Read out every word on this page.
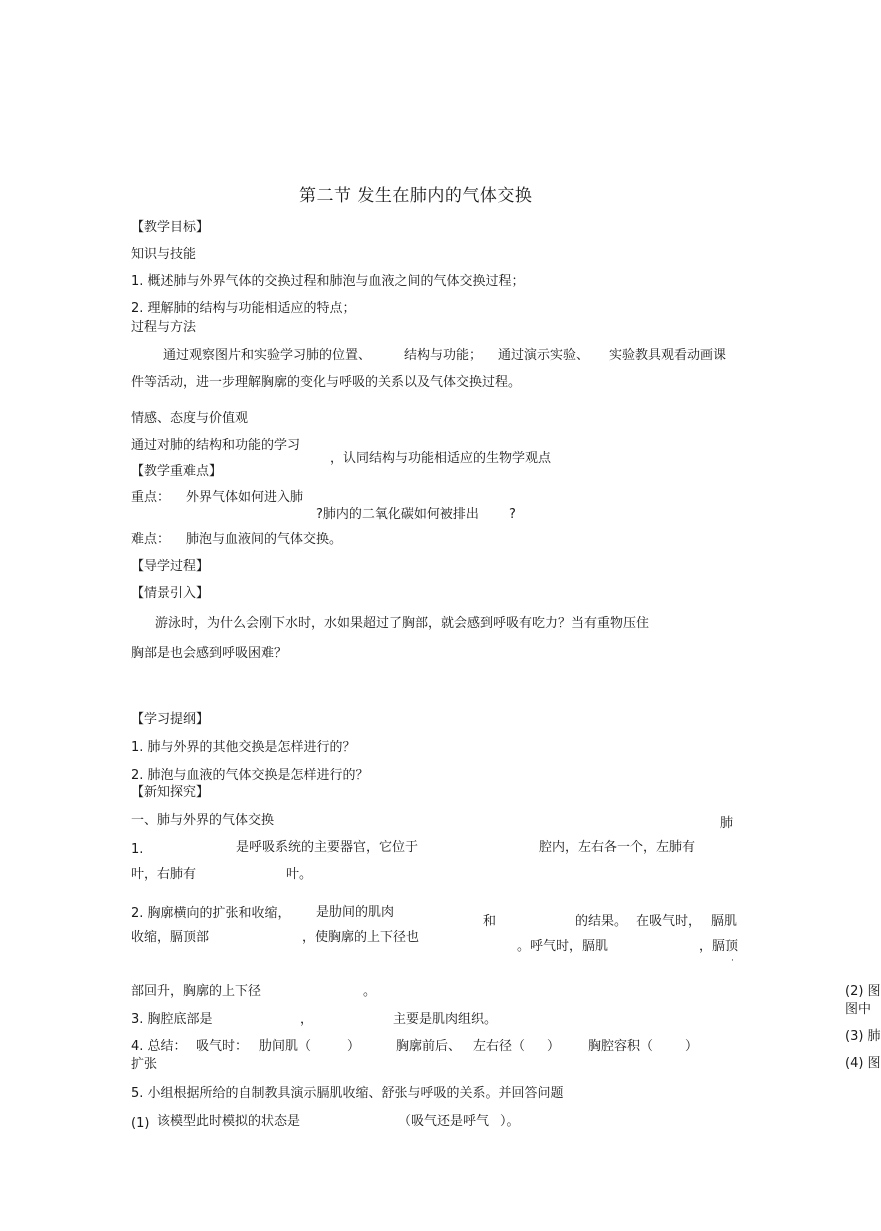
第二节 发生在肺内的气体交换
【教学目标】
知识与技能
1. 概述肺与外界气体的交换过程和肺泡与血液之间的气体交换过程；
2. 理解肺的结构与功能相适应的特点；
过程与方法
通过观察图片和实验学习肺的位置、	结构与功能； 通过演示实验、 实验教具观看动画课
件等活动，进一步理解胸廓的变化与呼吸的关系以及气体交换过程。
情感、态度与价值观
通过对肺的结构和功能的学习
，认同结构与功能相适应的生物学观点
【教学重难点】
重点： 外界气体如何进入肺
?肺内的二氧化碳如何被排出 ?
难点： 肺泡与血液间的气体交换。
【导学过程】
【情景引入】
游泳时，为什么会刚下水时，水如果超过了胸部，就会感到呼吸有吃力？当有重物压住
胸部是也会感到呼吸困难？
【学习提纲】
1. 肺与外界的其他交换是怎样进行的？
2. 肺泡与血液的气体交换是怎样进行的？
【新知探究】
一、肺与外界的气体交换	肺
1.	是呼吸系统的主要器官，它位于	腔内，左右各一个，左肺有
叶，右肺有	叶。
2. 胸廓横向的扩张和收缩， 是肋间的肌肉
和	的结果。 在吸气时， 膈肌
收缩，膈顶部	，使胸廓的上下径也
。呼气时，膈肌	，膈顶
·
部回升，胸廓的上下径	。
3. 胸腔底部是	，	主要是肌肉组织。
4. 总结： 吸气时： 肋间肌（	）	胸廓前后、 左右径（ ） 胸腔容积（ ）
扩张
5. 小组根据所给的自制教具演示膈肌收缩、舒张与呼吸的关系。并回答问题
(1) 该模型此时模拟的状态是	（吸气还是呼气 ）。
(2) 图
图中
(3) 肺
(4) 图
